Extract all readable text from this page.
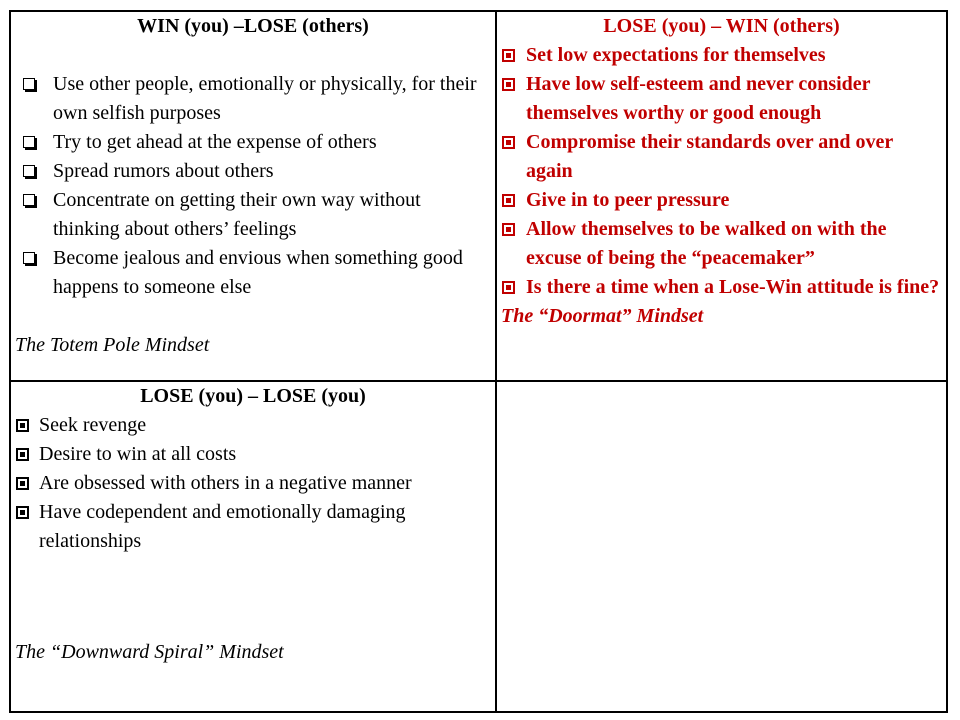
WIN (you) –LOSE (others)
Use other people, emotionally or physically, for their own selfish purposes
Try to get ahead at the expense of others
Spread rumors about others
Concentrate on getting their own way without thinking about others’ feelings
Become jealous and envious when something good happens to someone else
The Totem Pole Mindset
LOSE (you) – WIN (others)
Set low expectations for themselves
Have low self-esteem and never consider themselves worthy or good enough
Compromise their standards over and over again
Give in to peer pressure
Allow themselves to be walked on with the excuse of being the “peacemaker”
Is there a time when a Lose-Win attitude is fine?
The “Doormat” Mindset
LOSE (you) – LOSE (you)
Seek revenge
Desire to win at all costs
Are obsessed with others in a negative manner
Have codependent and emotionally damaging relationships
The “Downward Spiral” Mindset
